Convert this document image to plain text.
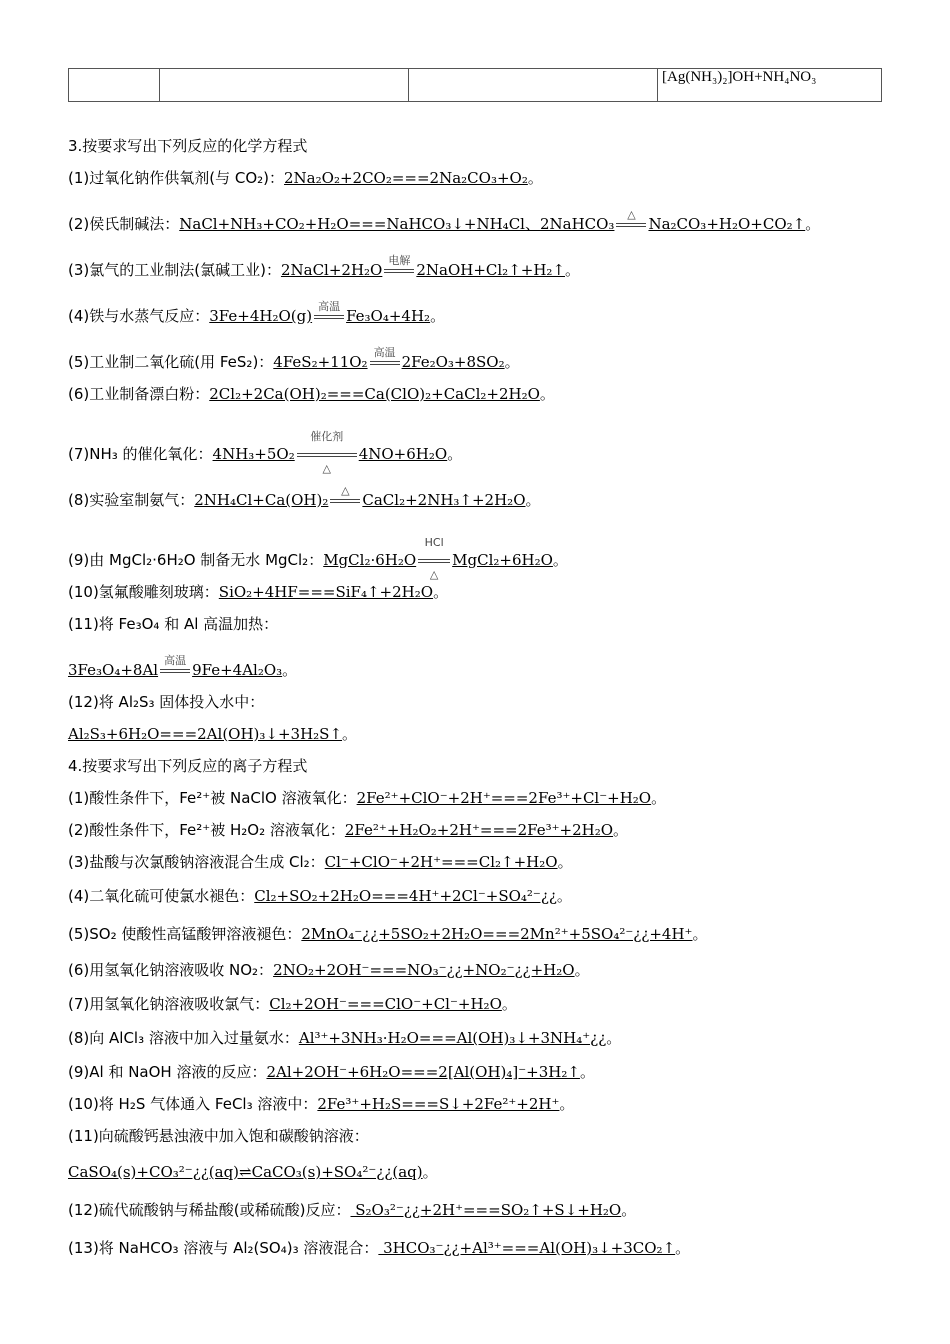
			[Ag(NH₃)₂]OH+NH₄NO₃
3.按要求写出下列反应的化学方程式
(1)过氧化钠作供氧剂(与 CO₂)：2Na₂O₂+2CO₂===2Na₂CO₃+O₂。
(2)侯氏制碱法：NaCl+NH₃+CO₂+H₂O===NaHCO₃↓+NH₄Cl、2NaHCO₃
△
Na₂CO₃+H₂O+CO₂↑。
(3)氯气的工业制法(氯碱工业)：2NaCl+2H₂O
电解
2NaOH+Cl₂↑+H₂↑。
(4)铁与水蒸气反应：3Fe+4H₂O(g)
高温
Fe₃O₄+4H₂。
(5)工业制二氧化硫(用 FeS₂)：4FeS₂+11O₂
高温
2Fe₂O₃+8SO₂。
(6)工业制备漂白粉：2Cl₂+2Ca(OH)₂===Ca(ClO)₂+CaCl₂+2H₂O。
(7)NH₃ 的催化氧化：4NH₃+5O₂
催化剂
△
4NO+6H₂O。
(8)实验室制氨气：2NH₄Cl+Ca(OH)₂
△
CaCl₂+2NH₃↑+2H₂O。
(9)由 MgCl₂·6H₂O 制备无水 MgCl₂：MgCl₂·6H₂O
HCl
△
MgCl₂+6H₂O。
(10)氢氟酸雕刻玻璃：SiO₂+4HF===SiF₄↑+2H₂O。
(11)将 Fe₃O₄ 和 Al 高温加热：
3Fe₃O₄+8Al
高温
9Fe+4Al₂O₃。
(12)将 Al₂S₃ 固体投入水中：
Al₂S₃+6H₂O===2Al(OH)₃↓+3H₂S↑。
4.按要求写出下列反应的离子方程式
(1)酸性条件下，Fe²⁺被 NaClO 溶液氧化：2Fe²⁺+ClO⁻+2H⁺===2Fe³⁺+Cl⁻+H₂O。
(2)酸性条件下，Fe²⁺被 H₂O₂ 溶液氧化：2Fe²⁺+H₂O₂+2H⁺===2Fe³⁺+2H₂O。
(3)盐酸与次氯酸钠溶液混合生成 Cl₂：Cl⁻+ClO⁻+2H⁺===Cl₂↑+H₂O。
(4)二氧化硫可使氯水褪色：Cl₂+SO₂+2H₂O===4H⁺+2Cl⁻+SO₄²⁻¿¿。
(5)SO₂ 使酸性高锰酸钾溶液褪色：2MnO₄⁻¿¿+5SO₂+2H₂O===2Mn²⁺+5SO₄²⁻¿¿+4H⁺。
(6)用氢氧化钠溶液吸收 NO₂：2NO₂+2OH⁻===NO₃⁻¿¿+NO₂⁻¿¿+H₂O。
(7)用氢氧化钠溶液吸收氯气：Cl₂+2OH⁻===ClO⁻+Cl⁻+H₂O。
(8)向 AlCl₃ 溶液中加入过量氨水：Al³⁺+3NH₃·H₂O===Al(OH)₃↓+3NH₄⁺¿¿。
(9)Al 和 NaOH 溶液的反应：2Al+2OH⁻+6H₂O===2[Al(OH)₄]⁻+3H₂↑。
(10)将 H₂S 气体通入 FeCl₃ 溶液中：2Fe³⁺+H₂S===S↓+2Fe²⁺+2H⁺。
(11)向硫酸钙悬浊液中加入饱和碳酸钠溶液：
CaSO₄(s)+CO₃²⁻¿¿(aq)⇌CaCO₃(s)+SO₄²⁻¿¿(aq)。
(12)硫代硫酸钠与稀盐酸(或稀硫酸)反应： S₂O₃²⁻¿¿+2H⁺===SO₂↑+S↓+H₂O。
(13)将 NaHCO₃ 溶液与 Al₂(SO₄)₃ 溶液混合： 3HCO₃⁻¿¿+Al³⁺===Al(OH)₃↓+3CO₂↑。
